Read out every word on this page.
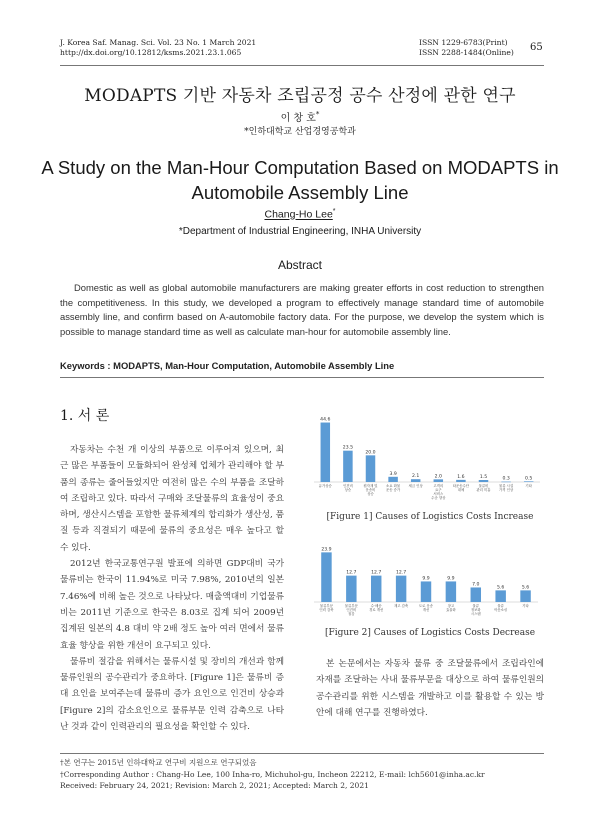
J. Korea Saf. Manag. Sci. Vol. 23 No. 1 March 2021
http://dx.doi.org/10.12812/ksms.2021.23.1.065
ISSN 1229-6783(Print)
ISSN 2288-1484(Online) 65
MODAPTS 기반 자동차 조립공정 공수 산정에 관한 연구
이 창 호*
*인하대학교 산업경영공학과
A Study on the Man-Hour Computation Based on MODAPTS in
Automobile Assembly Line
Chang-Ho Lee*
*Department of Industrial Engineering, INHA University
Abstract
Domestic as well as global automobile manufacturers are making greater efforts in cost reduction to strengthen the competitiveness. In this study, we developed a program to effectively manage standard time of automobile assembly line, and confirm based on A-automobile factory data. For the purpose, we develop the system which is possible to manage standard time as well as calculate man-hour for automobile assembly line.
Keywords : MODAPTS, Man-Hour Computation, Automobile Assembly Line
1. 서 론

자동차는 수천 개 이상의 부품으로 이루어져 있으며, 최근 많은 부품들이 모듈화되어 완성체 업체가 관리해야 할 부품의 종류는 줄어들었지만 여전히 많은 수의 부품을 조달하여 조립하고 있다. 따라서 구매와 조달물류의 효율성이 중요하며, 생산시스템을 포함한 물류체계의 합리화가 생산성, 품질 등과 직결되기 때문에 물류의 중요성은 매우 높다고 할 수 있다.

2012년 한국교통연구원 발표에 의하면 GDP대비 국가물류비는 한국이 11.94%로 미국 7.98%, 2010년의 일본 7.46%에 비해 높은 것으로 나타났다. 매출액대비 기업물류비는 2011년 기준으로 한국은 8.03로 집계 되어 2009년 집계된 일본의 4.8 대비 약 2배 정도 높아 여러 면에서 물류효율 향상을 위한 개선이 요구되고 있다.

물류비 절감을 위해서는 물류시설 및 장비의 개선과 함께 물류인원의 공수관리가 중요하다. [Figure 1]은 물류비 증대 요인을 보여주는데 물류비 증가 요인으로 인건비 상승과 [Figure 2]의 감소요인으로 물류부문 인력 감축으로 나타난 것과 같이 인력관리의 필요성을 확인할 수 있다.

44.6
유가상승
23.5
인건비 상승
20.0
원자재 및 운송비 상승
3.9
소요 화물 운송 증가
2.1
세금 인상
2.0
고객의 요구 서비스 수준 향상
1.6
타운송수단 대체
1.5
물류비 관리 미흡
0.3
물류 시설 가격 인상
0.5
기타
[Figure 1] Causes of Logistics Costs Increase
23.9
물류부문 인력 감축
12.7
물류부문 인건비 절감
12.7
수·배송 경로 개선
12.7
재고 감축
9.9
도로 운송 개선
9.9
창고 효율화
7.0
물류 정보화 시스템
5.6
물류 아웃소싱
5.6
기타
[Figure 2] Causes of Logistics Costs Decrease

본 논문에서는 자동차 물류 중 조달물류에서 조립라인에 자재를 조달하는 사내 물류부문을 대상으로 하여 물류인원의 공수관리를 위한 시스템을 개발하고 이를 활용할 수 있는 방안에 대해 연구를 진행하였다.

†본 연구는 2015년 인하대학교 연구비 지원으로 연구되었음
†Corresponding Author : Chang-Ho Lee, 100 Inha-ro, Michuhol-gu, Incheon 22212, E-mail: lch5601@inha.ac.kr
Received: February 24, 2021; Revision: March 2, 2021; Accepted: March 2, 2021
